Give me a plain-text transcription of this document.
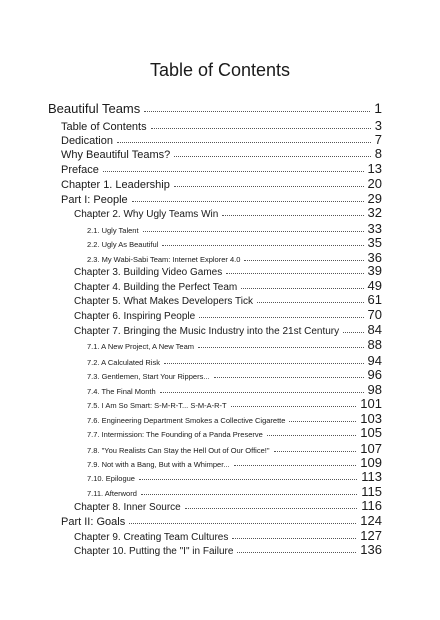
Table of Contents
Beautiful Teams	1
Table of Contents	3
Dedication	7
Why Beautiful Teams?	8
Preface	13
Chapter 1. Leadership	20
Part I: People	29
Chapter 2. Why Ugly Teams Win	32
2.1. Ugly Talent	33
2.2. Ugly As Beautiful	35
2.3. My Wabi-Sabi Team: Internet Explorer 4.0	36
Chapter 3. Building Video Games	39
Chapter 4. Building the Perfect Team	49
Chapter 5. What Makes Developers Tick	61
Chapter 6. Inspiring People	70
Chapter 7. Bringing the Music Industry into the 21st Century 84
7.1. A New Project, A New Team	88
7.2. A Calculated Risk	94
7.3. Gentlemen, Start Your Rippers...	96
7.4. The Final Month	98
7.5. I Am So Smart: S-M-R-T... S-M-A-R-T	101
7.6. Engineering Department Smokes a Collective Cigarette	103
7.7. Intermission: The Founding of a Panda Preserve	105
7.8. "You Realists Can Stay the Hell Out of Our Office!"	107
7.9. Not with a Bang, But with a Whimper...	109
7.10. Epilogue	113
7.11. Afterword	115
Chapter 8. Inner Source	116
Part II: Goals	124
Chapter 9. Creating Team Cultures	127
Chapter 10. Putting the "I" in Failure	136
